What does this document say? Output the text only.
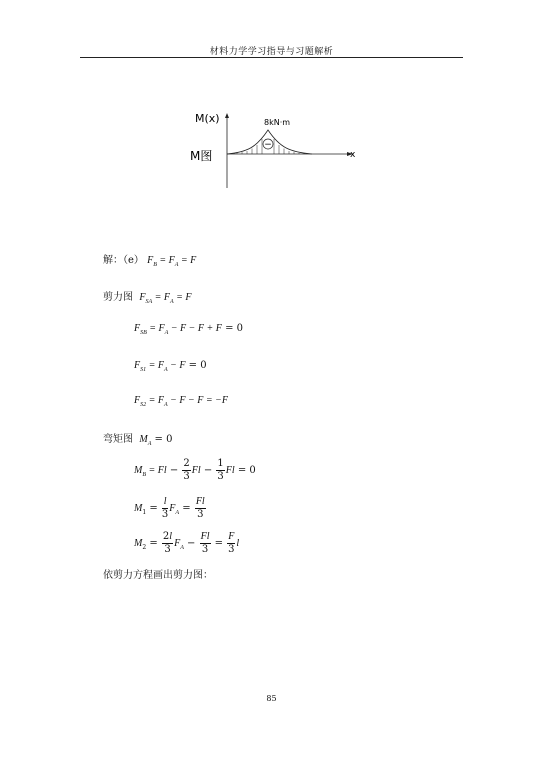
材料力学学习指导与习题解析
−
M(x)	8kN·m
x
M图
解：（e） $F_B = F_A = F$
剪力图 $F_{SA} = F_A = F$
$F_{SB} = F_A - F - F + F = 0$
$F_{S1} = F_A - F = 0$
$F_{S2} = F_A - F - F = -F$
弯矩图 $M_A = 0$
$M_B = Fl - \frac{2}{3}$ $Fl - \frac{1}{3}$ Fl = 0
$M_1 = \frac{l}{3} F_A = \frac{Fl}{3}$
$M_2 = \frac{2l}{3} F_A - \frac{Fl}{3} = \frac{F}{3}$ l
依剪力方程画出剪力图：
85
